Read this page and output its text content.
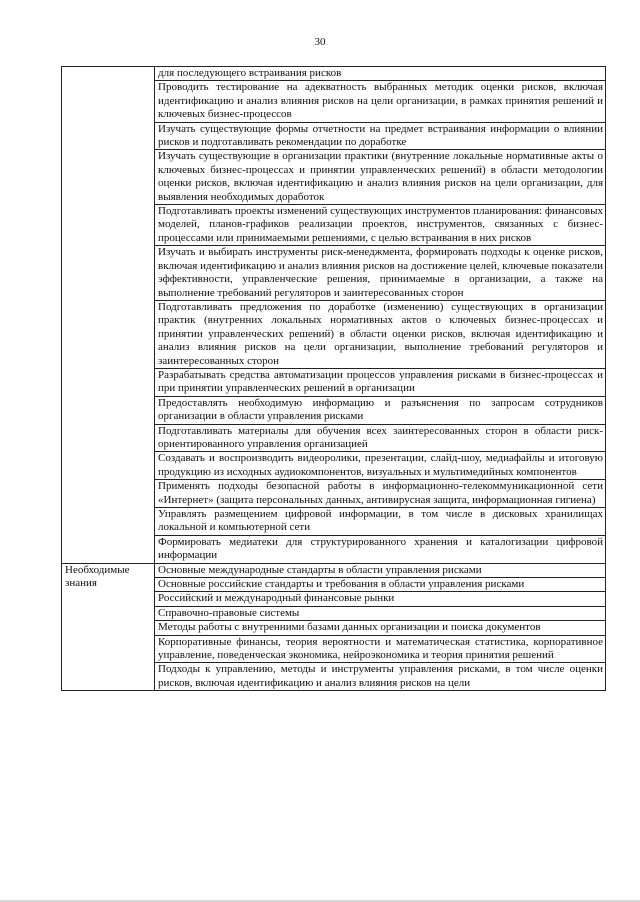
30
	для последующего встраивания рисков
	Проводить тестирование на адекватность выбранных методик оценки рисков, включая идентификацию и анализ влияния рисков на цели организации, в рамках принятия решений и ключевых бизнес-процессов
	Изучать существующие формы отчетности на предмет встраивания информации о влиянии рисков и подготавливать рекомендации по доработке
	Изучать существующие в организации практики (внутренние локальные нормативные акты о ключевых бизнес-процессах и принятии управленческих решений) в области методологии оценки рисков, включая идентификацию и анализ влияния рисков на цели организации, для выявления необходимых доработок
	Подготавливать проекты изменений существующих инструментов планирования: финансовых моделей, планов-графиков реализации проектов, инструментов, связанных с бизнес-процессами или принимаемыми решениями, с целью встраивания в них рисков
	Изучать и выбирать инструменты риск-менеджмента, формировать подходы к оценке рисков, включая идентификацию и анализ влияния рисков на достижение целей, ключевые показатели эффективности, управленческие решения, принимаемые в организации, а также на выполнение требований регуляторов и заинтересованных сторон
	Подготавливать предложения по доработке (изменению) существующих в организации практик (внутренних локальных нормативных актов о ключевых бизнес-процессах и принятии управленческих решений) в области оценки рисков, включая идентификацию и анализ влияния рисков на цели организации, выполнение требований регуляторов и заинтересованных сторон
	Разрабатывать средства автоматизации процессов управления рисками в бизнес-процессах и при принятии управленческих решений в организации
	Предоставлять необходимую информацию и разъяснения по запросам сотрудников организации в области управления рисками
	Подготавливать материалы для обучения всех заинтересованных сторон в области риск-ориентированного управления организацией
	Создавать и воспроизводить видеоролики, презентации, слайд-шоу, медиафайлы и итоговую продукцию из исходных аудиокомпонентов, визуальных и мультимедийных компонентов
	Применять подходы безопасной работы в информационно-телекоммуникационной сети «Интернет» (защита персональных данных, антивирусная защита, информационная гигиена)
	Управлять размещением цифровой информации, в том числе в дисковых хранилищах локальной и компьютерной сети
	Формировать медиатеки для структурированного хранения и каталогизации цифровой информации
Необходимые знания	Основные международные стандарты в области управления рисками
	Основные российские стандарты и требования в области управления рисками
	Российский и международный финансовые рынки
	Справочно-правовые системы
	Методы работы с внутренними базами данных организации и поиска документов
	Корпоративные финансы, теория вероятности и математическая статистика, корпоративное управление, поведенческая экономика, нейроэкономика и теория принятия решений
	Подходы к управлению, методы и инструменты управления рисками, в том числе оценки рисков, включая идентификацию и анализ влияния рисков на цели
